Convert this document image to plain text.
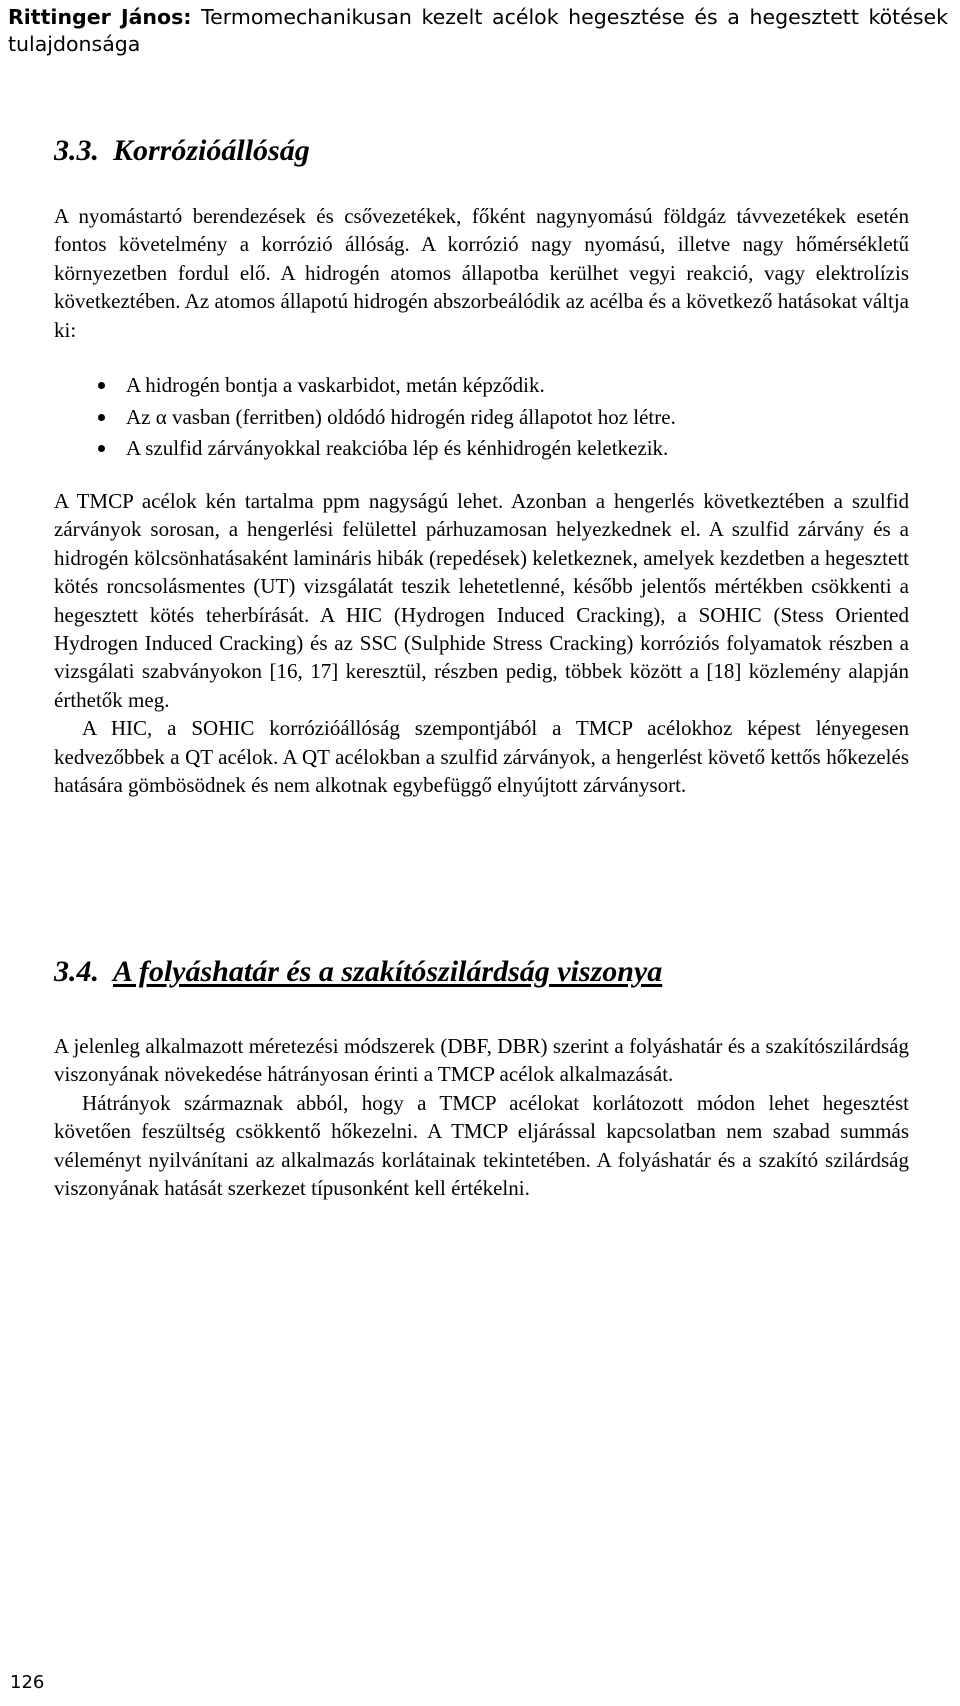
Rittinger János: Termomechanikusan kezelt acélok hegesztése és a hegesztett kötések tulajdonsága
3.3. Korrózióállóság

A nyomástartó berendezések és csővezetékek, főként nagynyomású földgáz távvezetékek esetén fontos követelmény a korrózió állóság. A korrózió nagy nyomású, illetve nagy hőmérsékletű környezetben fordul elő. A hidrogén atomos állapotba kerülhet vegyi reakció, vagy elektrolízis következtében. Az atomos állapotú hidrogén abszorbeálódik az acélba és a következő hatásokat váltja ki:

A hidrogén bontja a vaskarbidot, metán képződik.
Az α vasban (ferritben) oldódó hidrogén rideg állapotot hoz létre.
A szulfid zárványokkal reakcióba lép és kénhidrogén keletkezik.

A TMCP acélok kén tartalma ppm nagyságú lehet. Azonban a hengerlés következtében a szulfid zárványok sorosan, a hengerlési felülettel párhuzamosan helyezkednek el. A szulfid zárvány és a hidrogén kölcsönhatásaként lamináris hibák (repedések) keletkeznek, amelyek kezdetben a hegesztett kötés roncsolásmentes (UT) vizsgálatát teszik lehetetlenné, később jelentős mértékben csökkenti a hegesztett kötés teherbírását. A HIC (Hydrogen Induced Cracking), a SOHIC (Stess Oriented Hydrogen Induced Cracking) és az SSC (Sulphide Stress Cracking) korróziós folyamatok részben a vizsgálati szabványokon [16, 17] keresztül, részben pedig, többek között a [18] közlemény alapján érthetők meg.

A HIC, a SOHIC korrózióállóság szempontjából a TMCP acélokhoz képest lényegesen kedvezőbbek a QT acélok. A QT acélokban a szulfid zárványok, a hengerlést követő kettős hőkezelés hatására gömbösödnek és nem alkotnak egybefüggő elnyújtott zárványsort.

3.4. A folyáshatár és a szakítószilárdság viszonya

A jelenleg alkalmazott méretezési módszerek (DBF, DBR) szerint a folyáshatár és a szakítószilárdság viszonyának növekedése hátrányosan érinti a TMCP acélok alkalmazását.

Hátrányok származnak abból, hogy a TMCP acélokat korlátozott módon lehet hegesztést követően feszültség csökkentő hőkezelni. A TMCP eljárással kapcsolatban nem szabad summás véleményt nyilvánítani az alkalmazás korlátainak tekintetében. A folyáshatár és a szakító szilárdság viszonyának hatását szerkezet típusonként kell értékelni.

126
